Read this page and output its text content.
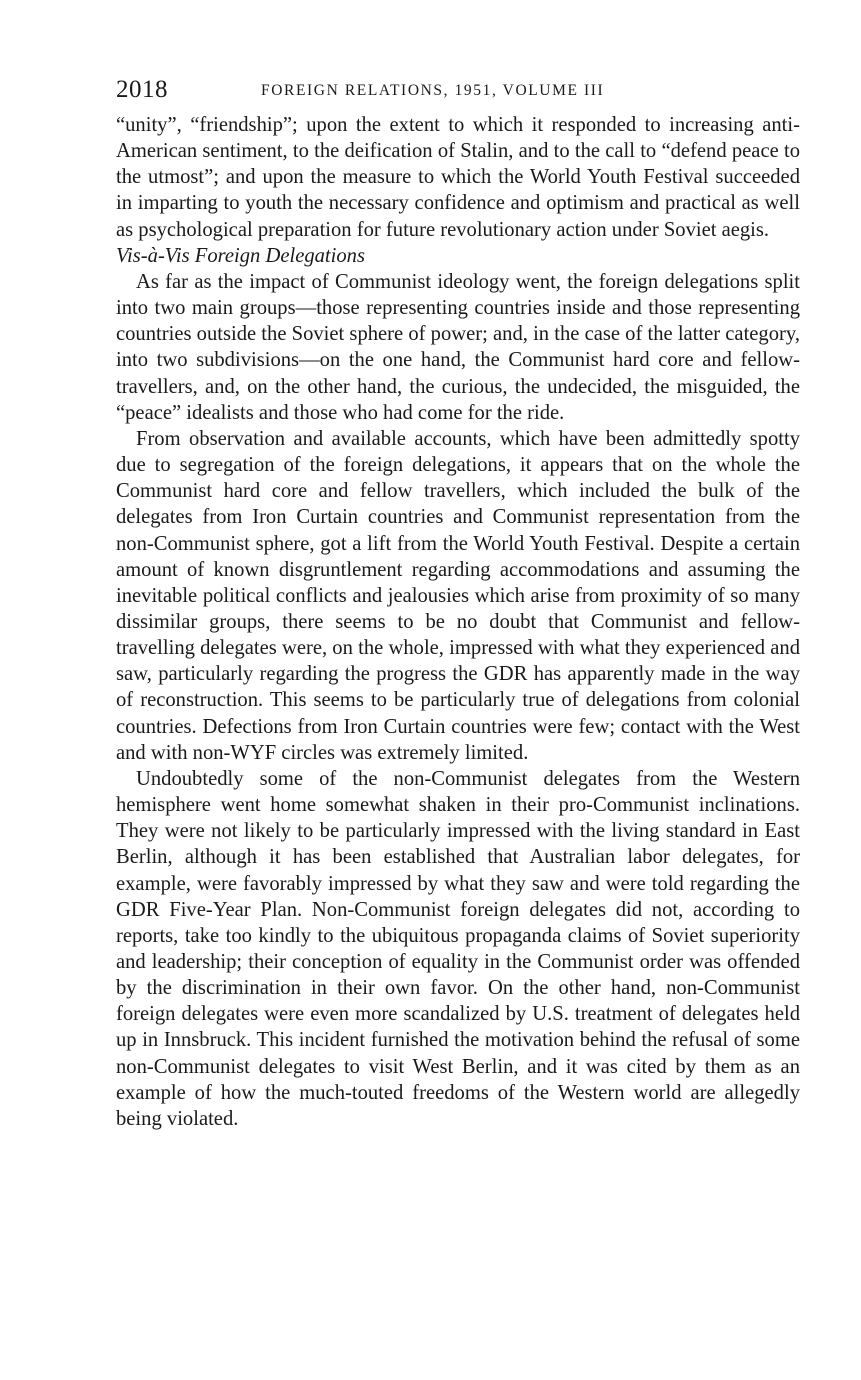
2018	FOREIGN RELATIONS, 1951, VOLUME III

“unity”, “friendship”; upon the extent to which it responded to increasing anti-American sentiment, to the deification of Stalin, and to the call to “defend peace to the utmost”; and upon the measure to which the World Youth Festival succeeded in imparting to youth the necessary confidence and optimism and practical as well as psychological preparation for future revolutionary action under Soviet aegis.

Vis-à-Vis Foreign Delegations

As far as the impact of Communist ideology went, the foreign delegations split into two main groups—those representing countries inside and those representing countries outside the Soviet sphere of power; and, in the case of the latter category, into two subdivisions—on the one hand, the Communist hard core and fellow-travellers, and, on the other hand, the curious, the undecided, the misguided, the “peace” idealists and those who had come for the ride.

From observation and available accounts, which have been admittedly spotty due to segregation of the foreign delegations, it appears that on the whole the Communist hard core and fellow travellers, which included the bulk of the delegates from Iron Curtain countries and Communist representation from the non-Communist sphere, got a lift from the World Youth Festival. Despite a certain amount of known disgruntlement regarding accommodations and assuming the inevitable political conflicts and jealousies which arise from proximity of so many dissimilar groups, there seems to be no doubt that Communist and fellow-travelling delegates were, on the whole, impressed with what they experienced and saw, particularly regarding the progress the GDR has apparently made in the way of reconstruction. This seems to be particularly true of delegations from colonial countries. Defections from Iron Curtain countries were few; contact with the West and with non-WYF circles was extremely limited.

Undoubtedly some of the non-Communist delegates from the Western hemisphere went home somewhat shaken in their pro-Communist inclinations. They were not likely to be particularly impressed with the living standard in East Berlin, although it has been established that Australian labor delegates, for example, were favorably impressed by what they saw and were told regarding the GDR Five-Year Plan. Non-Communist foreign delegates did not, according to reports, take too kindly to the ubiquitous propaganda claims of Soviet superiority and leadership; their conception of equality in the Communist order was offended by the discrimination in their own favor. On the other hand, non-Communist foreign delegates were even more scandalized by U.S. treatment of delegates held up in Innsbruck. This incident furnished the motivation behind the refusal of some non-Communist delegates to visit West Berlin, and it was cited by them as an example of how the much-touted freedoms of the Western world are allegedly being violated.
